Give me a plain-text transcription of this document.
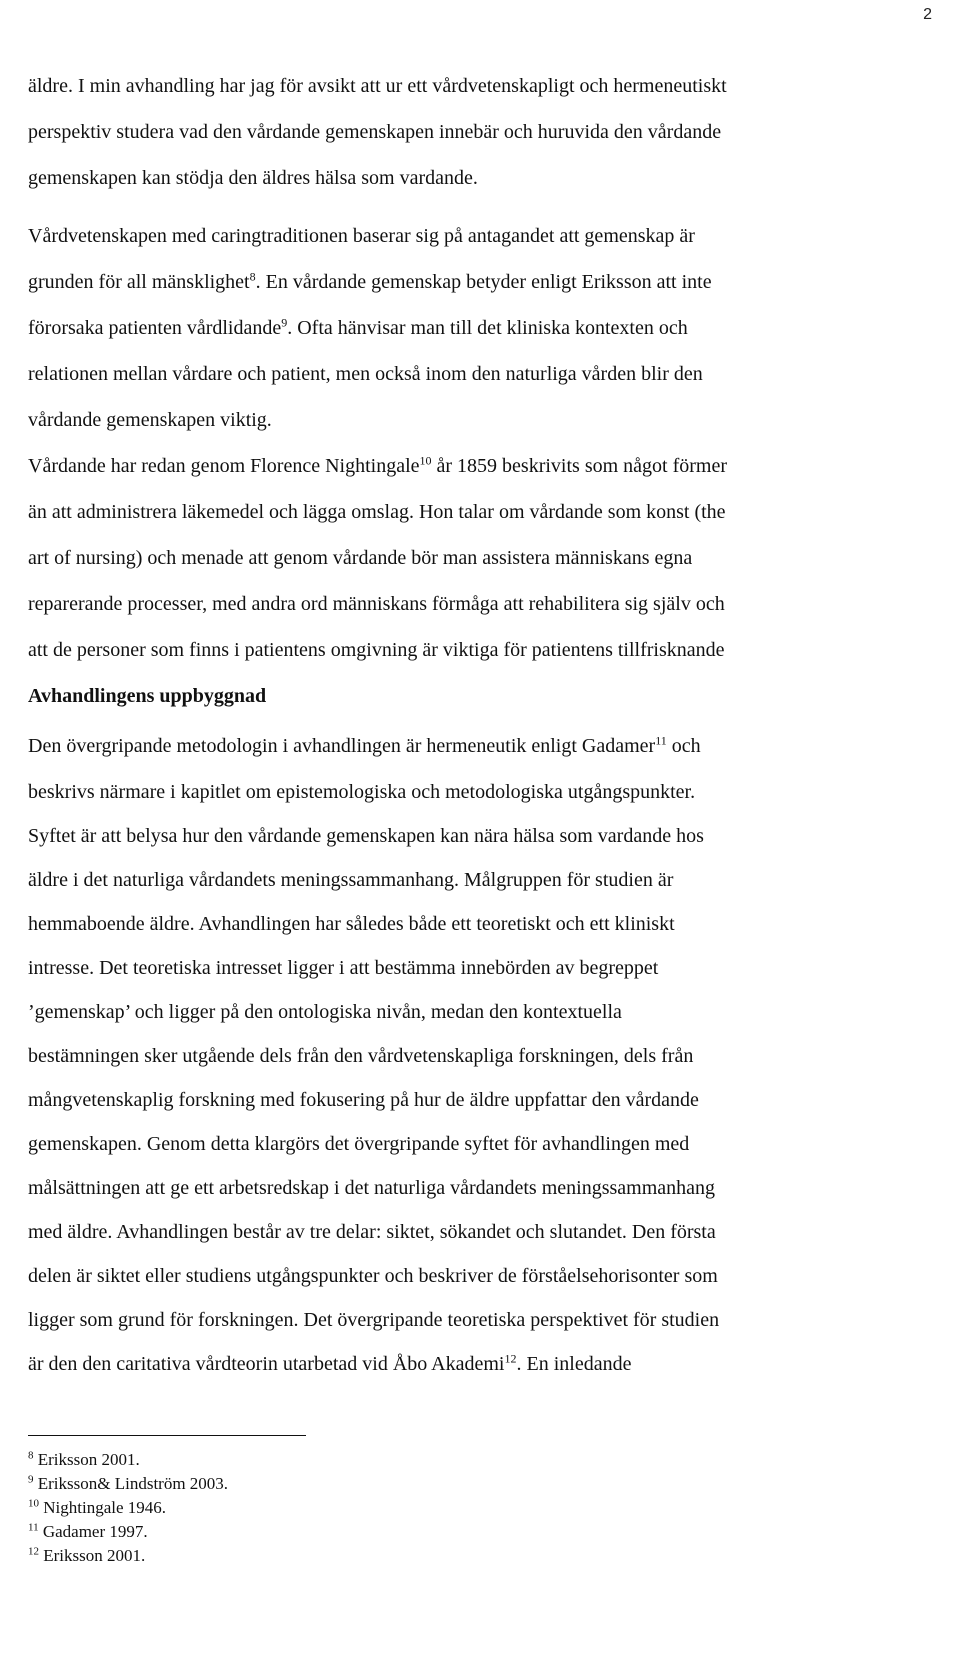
2
äldre. I min avhandling har jag för avsikt att ur ett vårdvetenskapligt och hermeneutiskt
perspektiv studera vad den vårdande gemenskapen innebär och huruvida den vårdande
gemenskapen kan stödja den äldres hälsa som vardande.
Vårdvetenskapen med caringtraditionen baserar sig på antagandet att gemenskap är
grunden för all mänsklighet$^8$. En vårdande gemenskap betyder enligt Eriksson att inte
förorsaka patienten vårdlidande$^9$. Ofta hänvisar man till det kliniska kontexten och
relationen mellan vårdare och patient, men också inom den naturliga vården blir den
vårdande gemenskapen viktig.
Vårdande har redan genom Florence Nightingale$^{10}$ år 1859 beskrivits som något förmer
än att administrera läkemedel och lägga omslag. Hon talar om vårdande som konst (the
art of nursing) och menade att genom vårdande bör man assistera människans egna
reparerande processer, med andra ord människans förmåga att rehabilitera sig själv och
att de personer som finns i patientens omgivning är viktiga för patientens tillfrisknande
Avhandlingens uppbyggnad
Den övergripande metodologin i avhandlingen är hermeneutik enligt Gadamer$^{11}$ och
beskrivs närmare i kapitlet om epistemologiska och metodologiska utgångspunkter.
Syftet är att belysa hur den vårdande gemenskapen kan nära hälsa som vardande hos
äldre i det naturliga vårdandets meningssammanhang. Målgruppen för studien är
hemmaboende äldre. Avhandlingen har således både ett teoretiskt och ett kliniskt
intresse. Det teoretiska intresset ligger i att bestämma innebörden av begreppet
’gemenskap’ och ligger på den ontologiska nivån, medan den kontextuella
bestämningen sker utgående dels från den vårdvetenskapliga forskningen, dels från
mångvetenskaplig forskning med fokusering på hur de äldre uppfattar den vårdande
gemenskapen. Genom detta klargörs det övergripande syftet för avhandlingen med
målsättningen att ge ett arbetsredskap i det naturliga vårdandets meningssammanhang
med äldre. Avhandlingen består av tre delar: siktet, sökandet och slutandet. Den första
delen är siktet eller studiens utgångspunkter och beskriver de förståelsehorisonter som
ligger som grund för forskningen. Det övergripande teoretiska perspektivet för studien
är den den caritativa vårdteorin utarbetad vid Åbo Akademi$^{12}$. En inledande
$^8$ Eriksson 2001.
$^9$ Eriksson& Lindström 2003.
$^{10}$ Nightingale 1946.
$^{11}$ Gadamer 1997.
$^{12}$ Eriksson 2001.
